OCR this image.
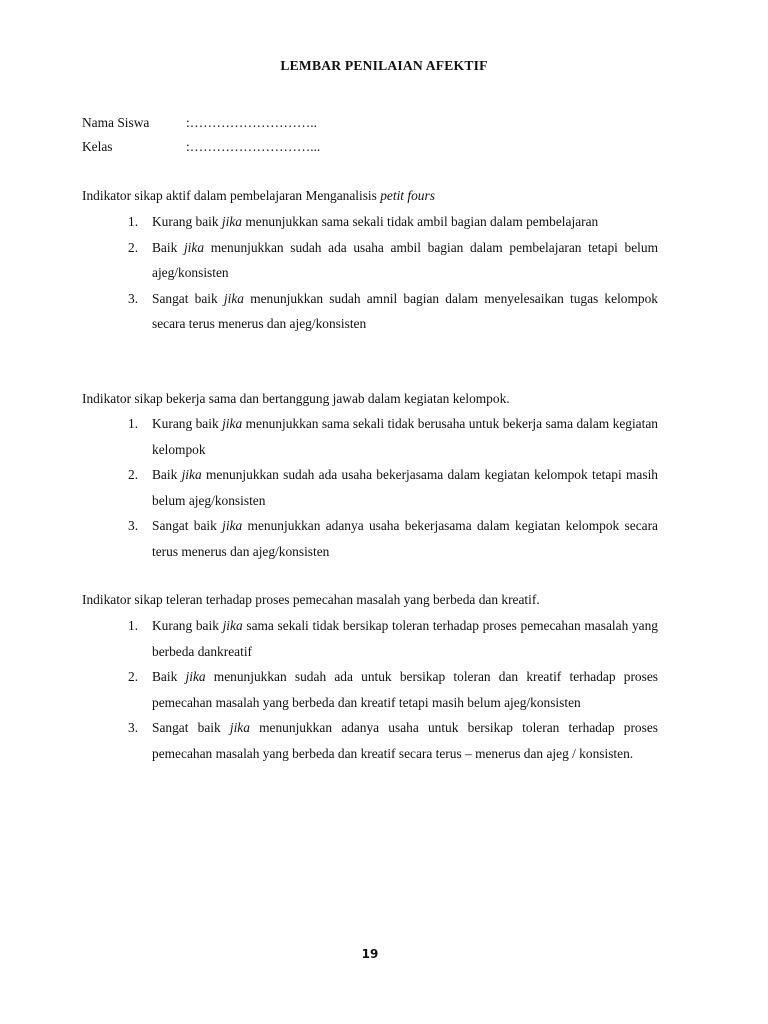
LEMBAR PENILAIAN AFEKTIF
Nama Siswa	:………………………..
Kelas	:………………………...
Indikator sikap aktif dalam pembelajaran Menganalisis petit fours
1. Kurang baik jika menunjukkan sama sekali tidak ambil bagian dalam pembelajaran
2. Baik jika menunjukkan sudah ada usaha ambil bagian dalam pembelajaran tetapi belum ajeg/konsisten
3. Sangat baik jika menunjukkan sudah amnil bagian dalam menyelesaikan tugas kelompok secara terus menerus dan ajeg/konsisten
Indikator sikap bekerja sama dan bertanggung jawab dalam kegiatan kelompok.
1. Kurang baik jika menunjukkan sama sekali tidak berusaha untuk bekerja sama dalam kegiatan kelompok
2. Baik jika menunjukkan sudah ada usaha bekerjasama dalam kegiatan kelompok tetapi masih belum ajeg/konsisten
3. Sangat baik jika menunjukkan adanya usaha bekerjasama dalam kegiatan kelompok secara terus menerus dan ajeg/konsisten
Indikator sikap teleran terhadap proses pemecahan masalah yang berbeda dan kreatif.
1. Kurang baik jika sama sekali tidak bersikap toleran terhadap proses pemecahan masalah yang berbeda dankreatif
2. Baik jika menunjukkan sudah ada untuk bersikap toleran dan kreatif terhadap proses pemecahan masalah yang berbeda dan kreatif tetapi masih belum ajeg/konsisten
3. Sangat baik jika menunjukkan adanya usaha untuk bersikap toleran terhadap proses pemecahan masalah yang berbeda dan kreatif secara terus – menerus dan ajeg / konsisten.
19
